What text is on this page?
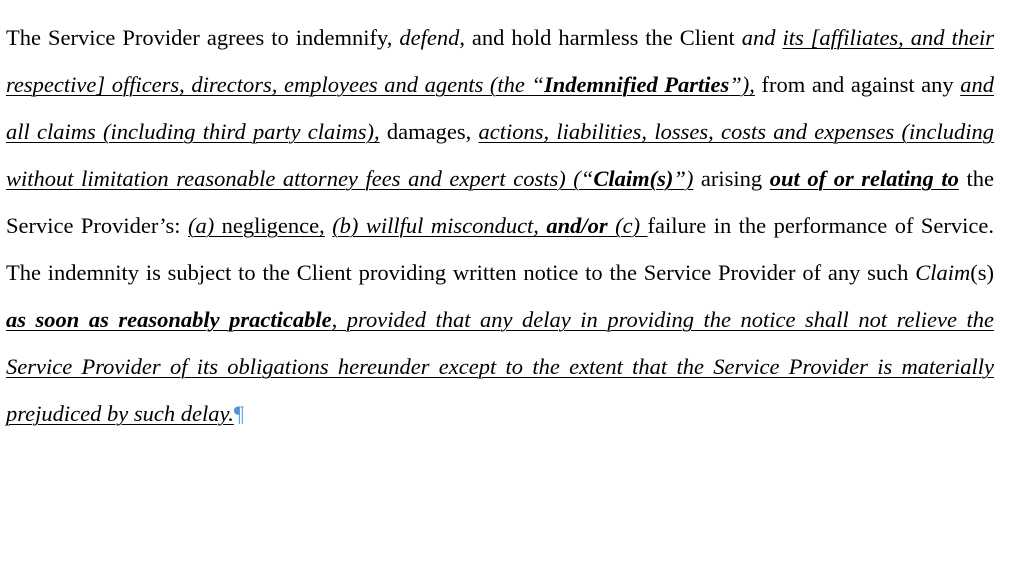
The Service Provider agrees to indemnify, defend, and hold harmless the Client and its [affiliates, and their respective] officers, directors, employees and agents (the “Indemnified Parties”), from and against any and all claims (including third party claims), damages, actions, liabilities, losses, costs and expenses (including without limitation reasonable attorney fees and expert costs) (“Claim(s)”) arising out of or relating to the Service Provider’s: (a) negligence, (b) willful misconduct, and/or (c) failure in the performance of Service. The indemnity is subject to the Client providing written notice to the Service Provider of any such Claim(s) as soon as reasonably practicable, provided that any delay in providing the notice shall not relieve the Service Provider of its obligations hereunder except to the extent that the Service Provider is materially prejudiced by such delay.¶
